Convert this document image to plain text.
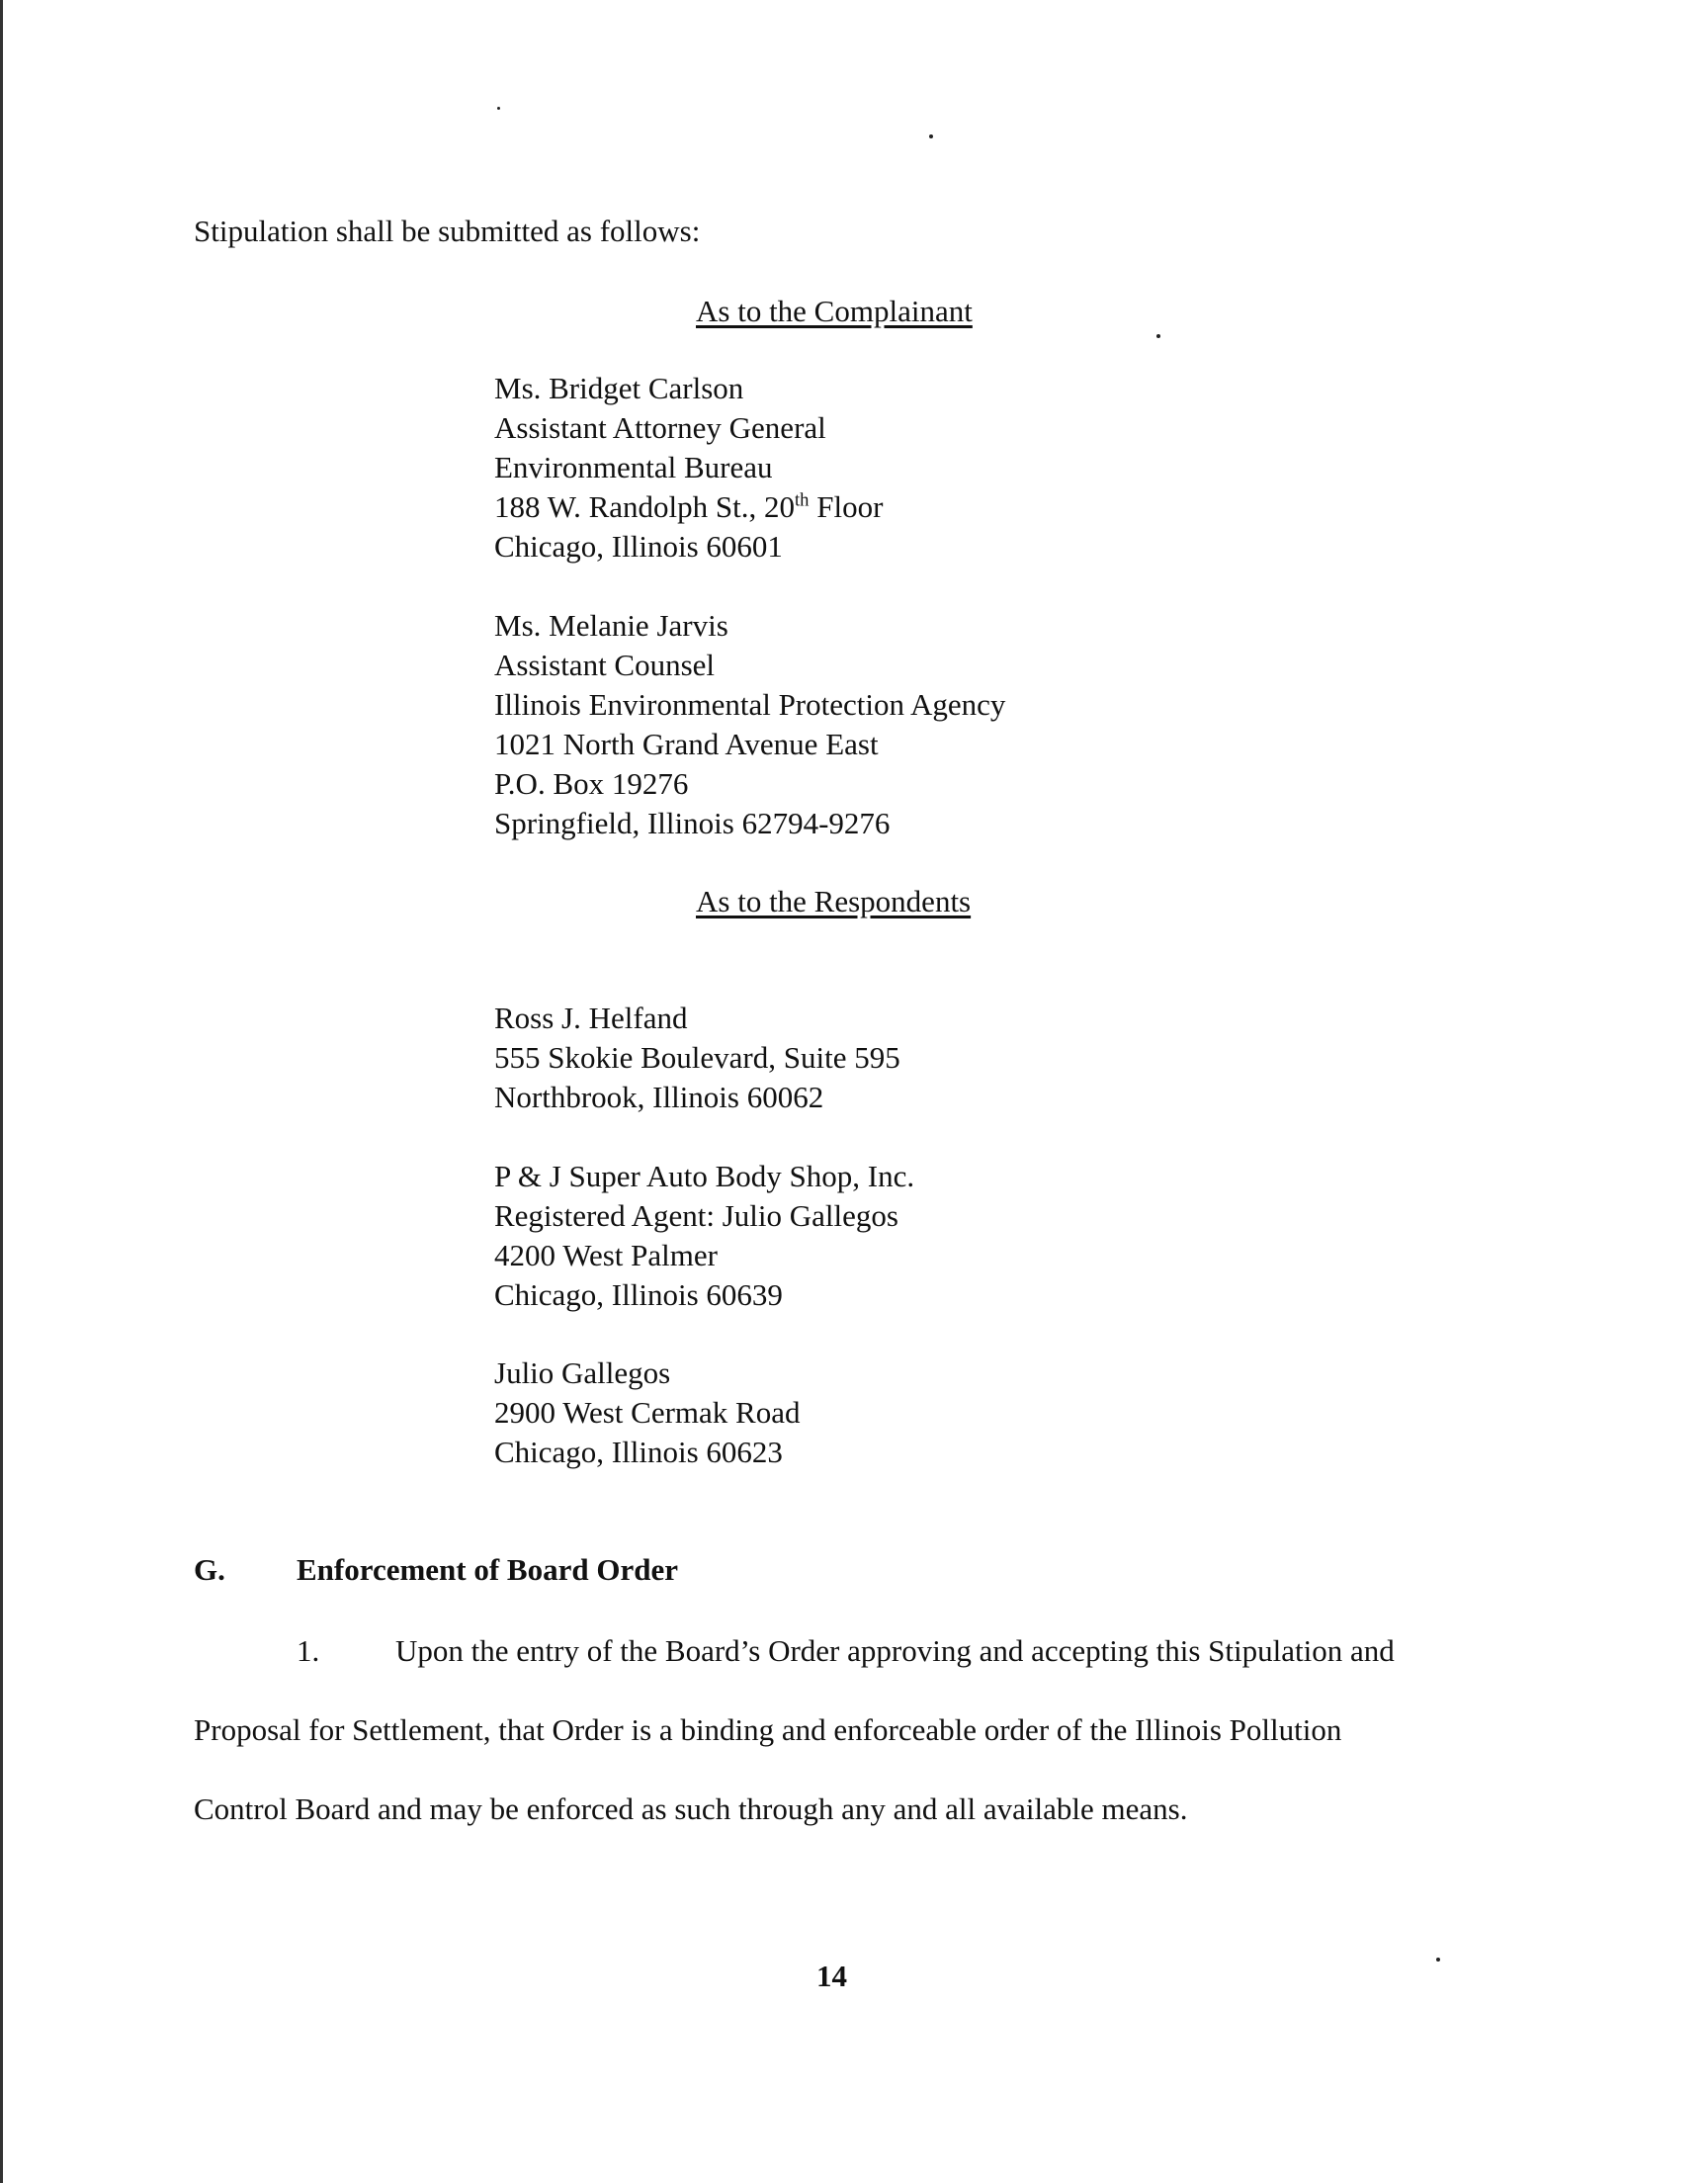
Stipulation shall be submitted as follows:
As to the Complainant
Ms. Bridget Carlson
Assistant Attorney General
Environmental Bureau
188 W. Randolph St., 20th Floor
Chicago, Illinois 60601
Ms. Melanie Jarvis
Assistant Counsel
Illinois Environmental Protection Agency
1021 North Grand Avenue East
P.O. Box 19276
Springfield, Illinois 62794-9276
As to the Respondents
Ross J. Helfand
555 Skokie Boulevard, Suite 595
Northbrook, Illinois 60062
P & J Super Auto Body Shop, Inc.
Registered Agent: Julio Gallegos
4200 West Palmer
Chicago, Illinois 60639
Julio Gallegos
2900 West Cermak Road
Chicago, Illinois 60623
G. Enforcement of Board Order
1. Upon the entry of the Board’s Order approving and accepting this Stipulation and
Proposal for Settlement, that Order is a binding and enforceable order of the Illinois Pollution
Control Board and may be enforced as such through any and all available means.
14
